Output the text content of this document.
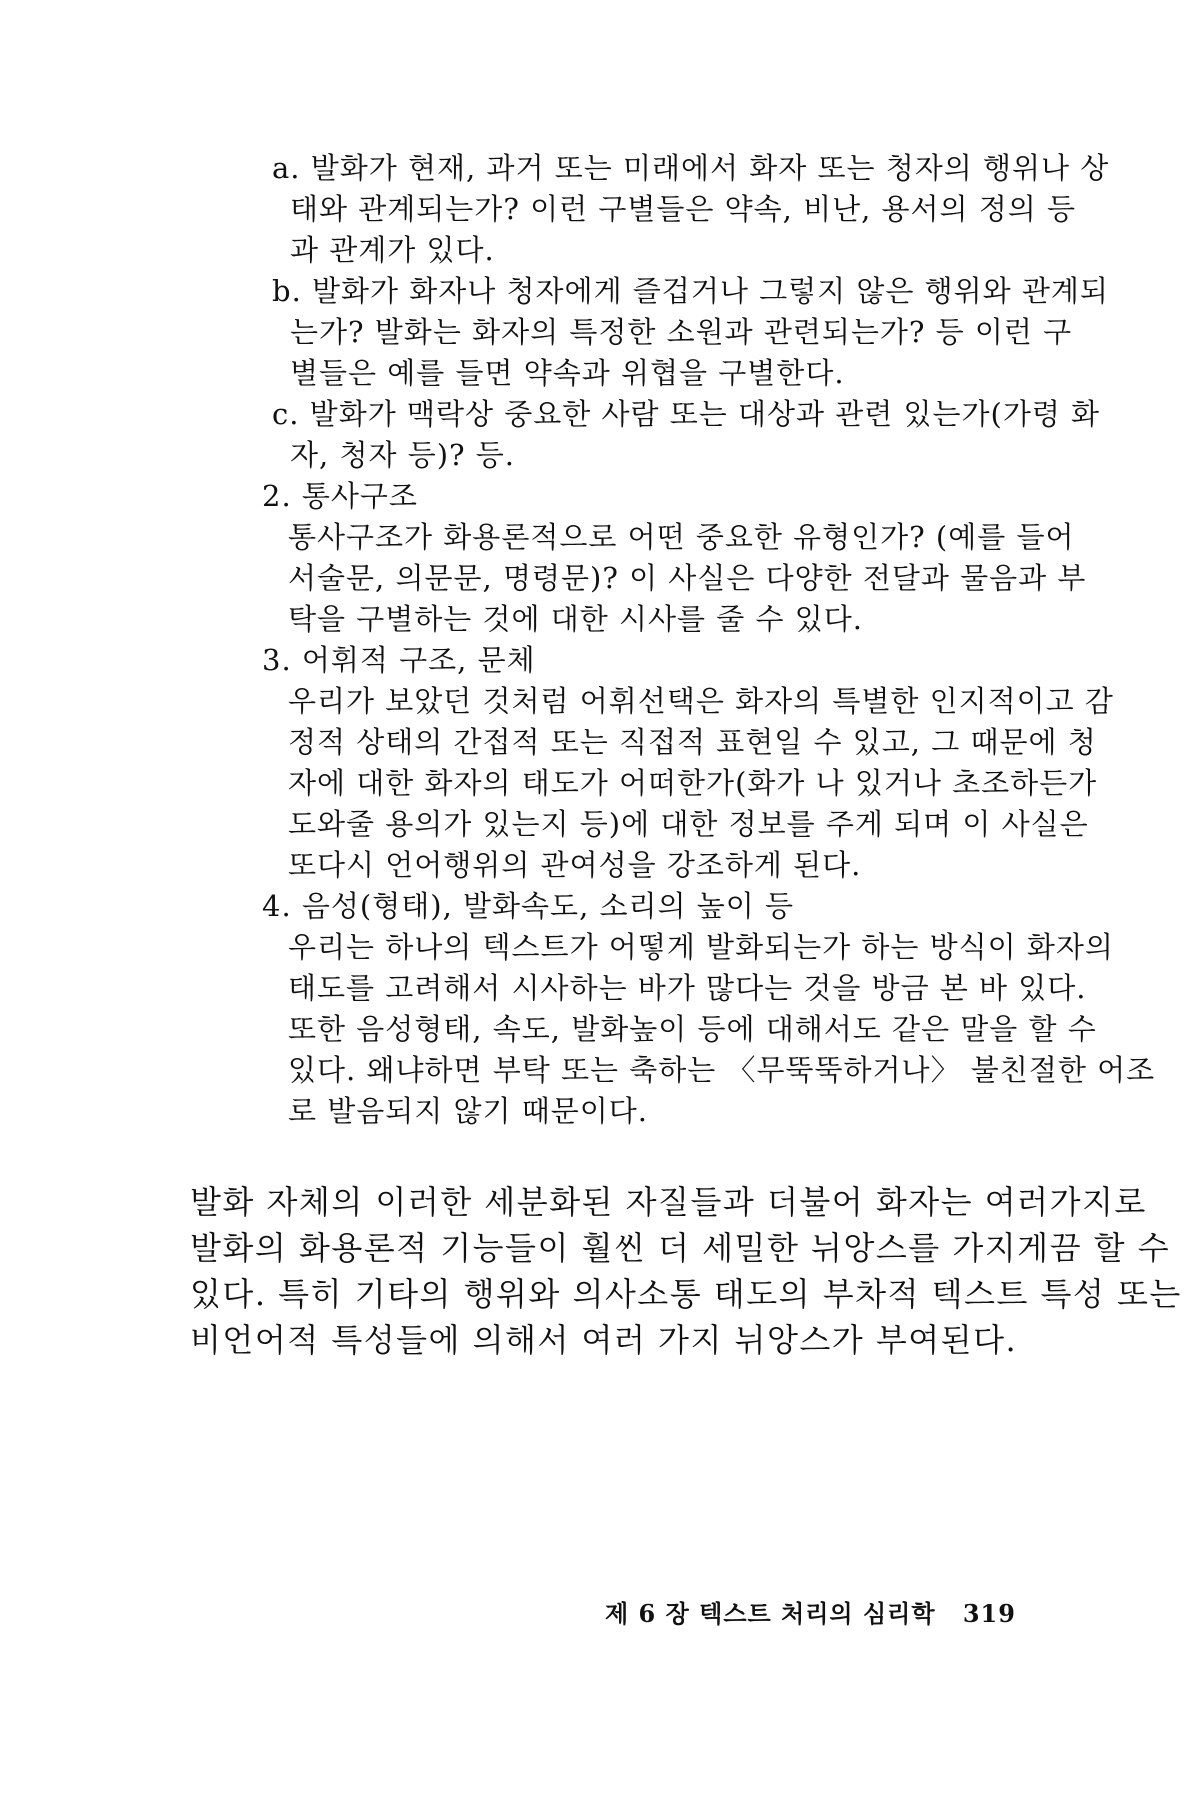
a. 발화가 현재, 과거 또는 미래에서 화자 또는 청자의 행위나 상
태와 관계되는가? 이런 구별들은 약속, 비난, 용서의 정의 등
과 관계가 있다.
b. 발화가 화자나 청자에게 즐겁거나 그렇지 않은 행위와 관계되
는가? 발화는 화자의 특정한 소원과 관련되는가? 등 이런 구
별들은 예를 들면 약속과 위협을 구별한다.
c. 발화가 맥락상 중요한 사람 또는 대상과 관련 있는가(가령 화
자, 청자 등)? 등.
2. 통사구조
통사구조가 화용론적으로 어떤 중요한 유형인가? (예를 들어
서술문, 의문문, 명령문)? 이 사실은 다양한 전달과 물음과 부
탁을 구별하는 것에 대한 시사를 줄 수 있다.
3. 어휘적 구조, 문체
우리가 보았던 것처럼 어휘선택은 화자의 특별한 인지적이고 감
정적 상태의 간접적 또는 직접적 표현일 수 있고, 그 때문에 청
자에 대한 화자의 태도가 어떠한가(화가 나 있거나 초조하든가
도와줄 용의가 있는지 등)에 대한 정보를 주게 되며 이 사실은
또다시 언어행위의 관여성을 강조하게 된다.
4. 음성(형태), 발화속도, 소리의 높이 등
우리는 하나의 텍스트가 어떻게 발화되는가 하는 방식이 화자의
태도를 고려해서 시사하는 바가 많다는 것을 방금 본 바 있다.
또한 음성형태, 속도, 발화높이 등에 대해서도 같은 말을 할 수
있다. 왜냐하면 부탁 또는 축하는 〈무뚝뚝하거나〉 불친절한 어조
로 발음되지 않기 때문이다.
발화 자체의 이러한 세분화된 자질들과 더불어 화자는 여러가지로
발화의 화용론적 기능들이 훨씬 더 세밀한 뉘앙스를 가지게끔 할 수
있다. 특히 기타의 행위와 의사소통 태도의 부차적 텍스트 특성 또는
비언어적 특성들에 의해서 여러 가지 뉘앙스가 부여된다.
제 6 장 텍스트 처리의 심리학 319
